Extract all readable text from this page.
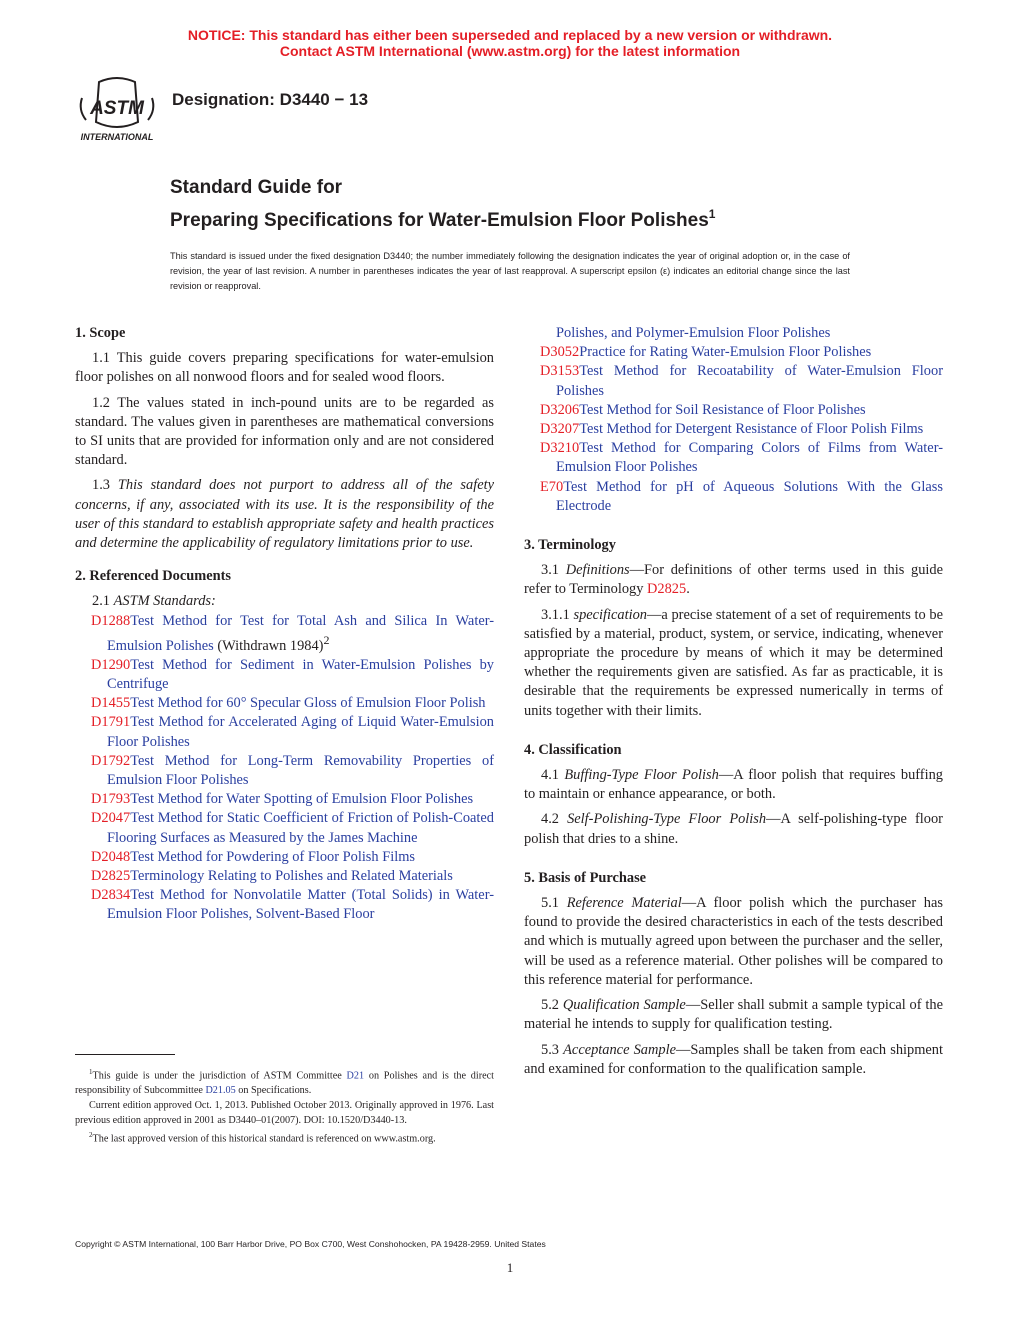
NOTICE: This standard has either been superseded and replaced by a new version or withdrawn.
Contact ASTM International (www.astm.org) for the latest information
ASTM
INTERNATIONAL
Designation: D3440 − 13
Standard Guide for
Preparing Specifications for Water-Emulsion Floor Polishes$^1$
This standard is issued under the fixed designation D3440; the number immediately following the designation indicates the year of original adoption or, in the case of revision, the year of last revision. A number in parentheses indicates the year of last reapproval. A superscript epsilon (ε) indicates an editorial change since the last revision or reapproval.

1. Scope

1.1 This guide covers preparing specifications for water-emulsion floor polishes on all nonwood floors and for sealed wood floors.

1.2 The values stated in inch-pound units are to be regarded as standard. The values given in parentheses are mathematical conversions to SI units that are provided for information only and are not considered standard.

1.3 This standard does not purport to address all of the safety concerns, if any, associated with its use. It is the responsibility of the user of this standard to establish appropriate safety and health practices and determine the applicability of regulatory limitations prior to use.

2. Referenced Documents

2.1 ASTM Standards:

D1288Test Method for Test for Total Ash and Silica In Water-Emulsion Polishes (Withdrawn 1984)$^2$

D1290Test Method for Sediment in Water-Emulsion Polishes by Centrifuge

D1455Test Method for 60° Specular Gloss of Emulsion Floor Polish

D1791Test Method for Accelerated Aging of Liquid Water-Emulsion Floor Polishes

D1792Test Method for Long-Term Removability Properties of Emulsion Floor Polishes

D1793Test Method for Water Spotting of Emulsion Floor Polishes

D2047Test Method for Static Coefficient of Friction of Polish-Coated Flooring Surfaces as Measured by the James Machine

D2048Test Method for Powdering of Floor Polish Films

D2825Terminology Relating to Polishes and Related Materials

D2834Test Method for Nonvolatile Matter (Total Solids) in Water-Emulsion Floor Polishes, Solvent-Based Floor

Polishes, and Polymer-Emulsion Floor Polishes

D3052Practice for Rating Water-Emulsion Floor Polishes

D3153Test Method for Recoatability of Water-Emulsion Floor Polishes

D3206Test Method for Soil Resistance of Floor Polishes

D3207Test Method for Detergent Resistance of Floor Polish Films

D3210Test Method for Comparing Colors of Films from Water-Emulsion Floor Polishes

E70Test Method for pH of Aqueous Solutions With the Glass Electrode

3. Terminology

3.1 Definitions—For definitions of other terms used in this guide refer to Terminology D2825.

3.1.1 specification—a precise statement of a set of requirements to be satisfied by a material, product, system, or service, indicating, whenever appropriate the procedure by means of which it may be determined whether the requirements given are satisfied. As far as practicable, it is desirable that the requirements be expressed numerically in terms of units together with their limits.

4. Classification

4.1 Buffing-Type Floor Polish—A floor polish that requires buffing to maintain or enhance appearance, or both.

4.2 Self-Polishing-Type Floor Polish—A self-polishing-type floor polish that dries to a shine.

5. Basis of Purchase

5.1 Reference Material—A floor polish which the purchaser has found to provide the desired characteristics in each of the tests described and which is mutually agreed upon between the purchaser and the seller, will be used as a reference material. Other polishes will be compared to this reference material for performance.

5.2 Qualification Sample—Seller shall submit a sample typical of the material he intends to supply for qualification testing.

5.3 Acceptance Sample—Samples shall be taken from each shipment and examined for conformation to the qualification sample.

$^1$This guide is under the jurisdiction of ASTM Committee D21 on Polishes and is the direct responsibility of Subcommittee D21.05 on Specifications.

Current edition approved Oct. 1, 2013. Published October 2013. Originally approved in 1976. Last previous edition approved in 2001 as D3440–01(2007). DOI: 10.1520/D3440-13.

$^2$The last approved version of this historical standard is referenced on www.astm.org.

Copyright © ASTM International, 100 Barr Harbor Drive, PO Box C700, West Conshohocken, PA 19428-2959. United States
1
